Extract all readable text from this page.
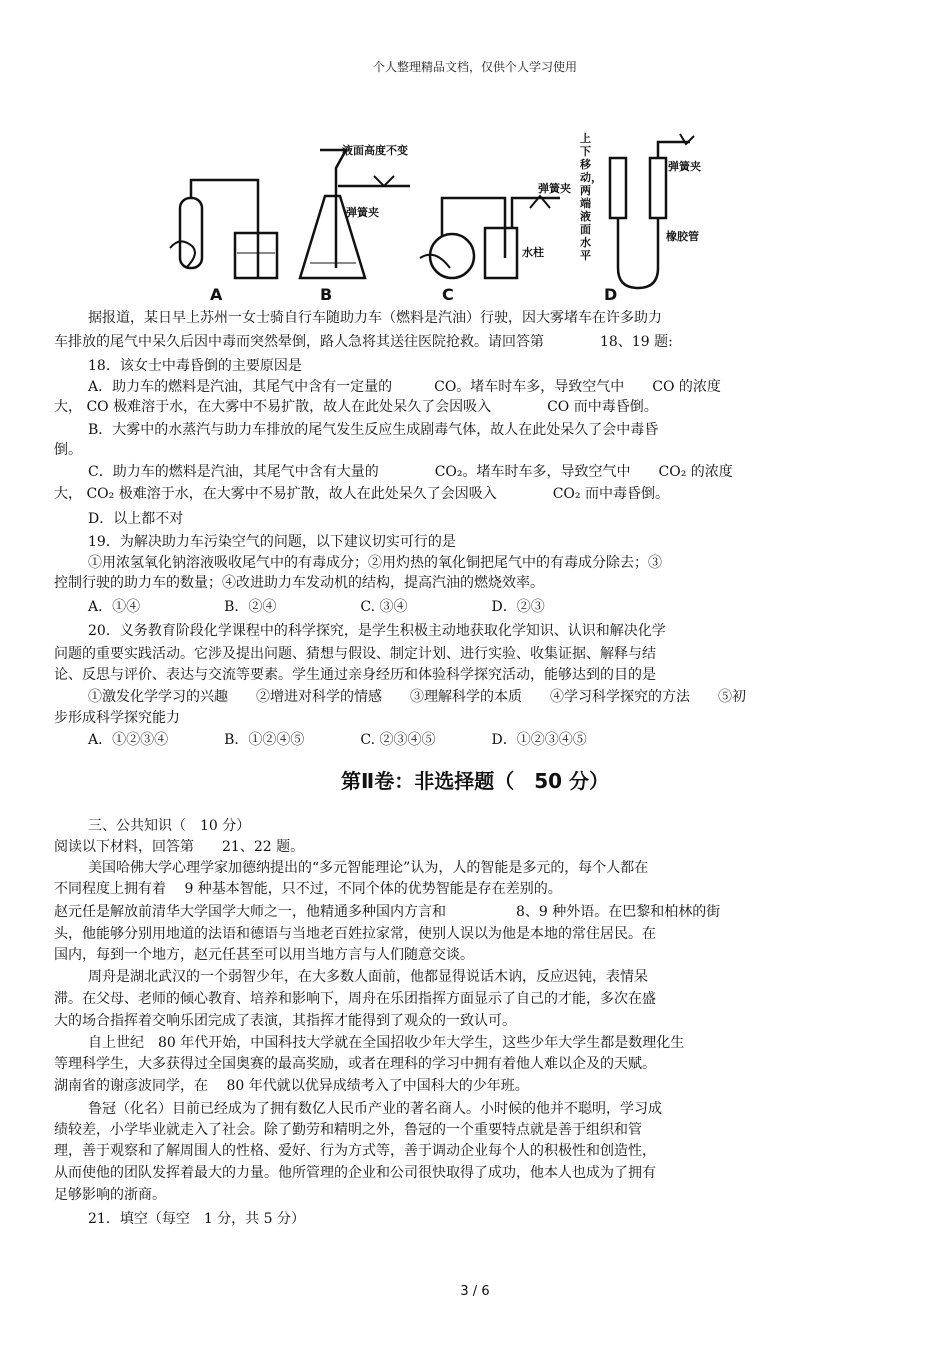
个人整理精品文档，仅供个人学习使用
A	B	C	D
液面高度不变
弹簧夹
弹簧夹
水柱
弹簧夹
橡胶管
上下移动，两端液面水平
据报道，某日早上苏州一女士骑自行车随助力车（燃料是汽油）行驶，因大雾堵车在许多助力
车排放的尾气中呆久后因中毒而突然晕倒，路人急将其送往医院抢救。请回答第　　　　18、19 题:
18．该女士中毒昏倒的主要原因是
A．助力车的燃料是汽油，其尾气中含有一定量的　　　CO。堵车时车多，导致空气中　　CO 的浓度
大， CO 极难溶于水，在大雾中不易扩散，故人在此处呆久了会因吸入　　　　CO 而中毒昏倒。
B．大雾中的水蒸汽与助力车排放的尾气发生反应生成剧毒气体，故人在此处呆久了会中毒昏
倒。
C．助力车的燃料是汽油，其尾气中含有大量的　　　　CO₂。堵车时车多，导致空气中　　CO₂ 的浓度
大， CO₂ 极难溶于水，在大雾中不易扩散，故人在此处呆久了会因吸入　　　　CO₂ 而中毒昏倒。
D．以上都不对
19．为解决助力车污染空气的问题，以下建议切实可行的是
①用浓氢氧化钠溶液吸收尾气中的有毒成分；②用灼热的氧化铜把尾气中的有毒成分除去；③
控制行驶的助力车的数量；④改进助力车发动机的结构，提高汽油的燃烧效率。
A．①④　　　　　　B．②④　　　　　　C. ③④　　　　　　D．②③
20．义务教育阶段化学课程中的科学探究，是学生积极主动地获取化学知识、认识和解决化学
问题的重要实践活动。它涉及提出问题、猜想与假设、制定计划、进行实验、收集证据、解释与结
论、反思与评价、表达与交流等要素。学生通过亲身经历和体验科学探究活动，能够达到的目的是
①激发化学学习的兴趣　　②增进对科学的情感　　③理解科学的本质　　④学习科学探究的方法　　⑤初
步形成科学探究能力
A．①②③④　　　　B．①②④⑤　　　　C. ②③④⑤　　　　D．①②③④⑤
第Ⅱ卷：非选择题（　50 分）
三、公共知识（　10 分）
阅读以下材料，回答第　　21、22 题。
美国哈佛大学心理学家加德纳提出的“多元智能理论”认为，人的智能是多元的，每个人都在
不同程度上拥有着　 9 种基本智能，只不过，不同个体的优势智能是存在差别的。
赵元任是解放前清华大学国学大师之一，他精通多种国内方言和　　　　　8、9 种外语。在巴黎和柏林的街
头，他能够分别用地道的法语和德语与当地老百姓拉家常，使别人误以为他是本地的常住居民。在
国内，每到一个地方，赵元任甚至可以用当地方言与人们随意交谈。
周舟是湖北武汉的一个弱智少年，在大多数人面前，他都显得说话木讷，反应迟钝，表情呆
滞。在父母、老师的倾心教育、培养和影响下，周舟在乐团指挥方面显示了自己的才能，多次在盛
大的场合指挥着交响乐团完成了表演，其指挥才能得到了观众的一致认可。
自上世纪　80 年代开始，中国科技大学就在全国招收少年大学生，这些少年大学生都是数理化生
等理科学生，大多获得过全国奥赛的最高奖励，或者在理科的学习中拥有着他人难以企及的天赋。
湖南省的谢彦波同学，在　 80 年代就以优异成绩考入了中国科大的少年班。
鲁冠（化名）目前已经成为了拥有数亿人民币产业的著名商人。小时候的他并不聪明，学习成
绩较差，小学毕业就走入了社会。除了勤劳和精明之外，鲁冠的一个重要特点就是善于组织和管
理，善于观察和了解周围人的性格、爱好、行为方式等，善于调动企业每个人的积极性和创造性，
从而使他的团队发挥着最大的力量。他所管理的企业和公司很快取得了成功，他本人也成为了拥有
足够影响的浙商。
21．填空（每空　1 分，共 5 分）
3 / 6
